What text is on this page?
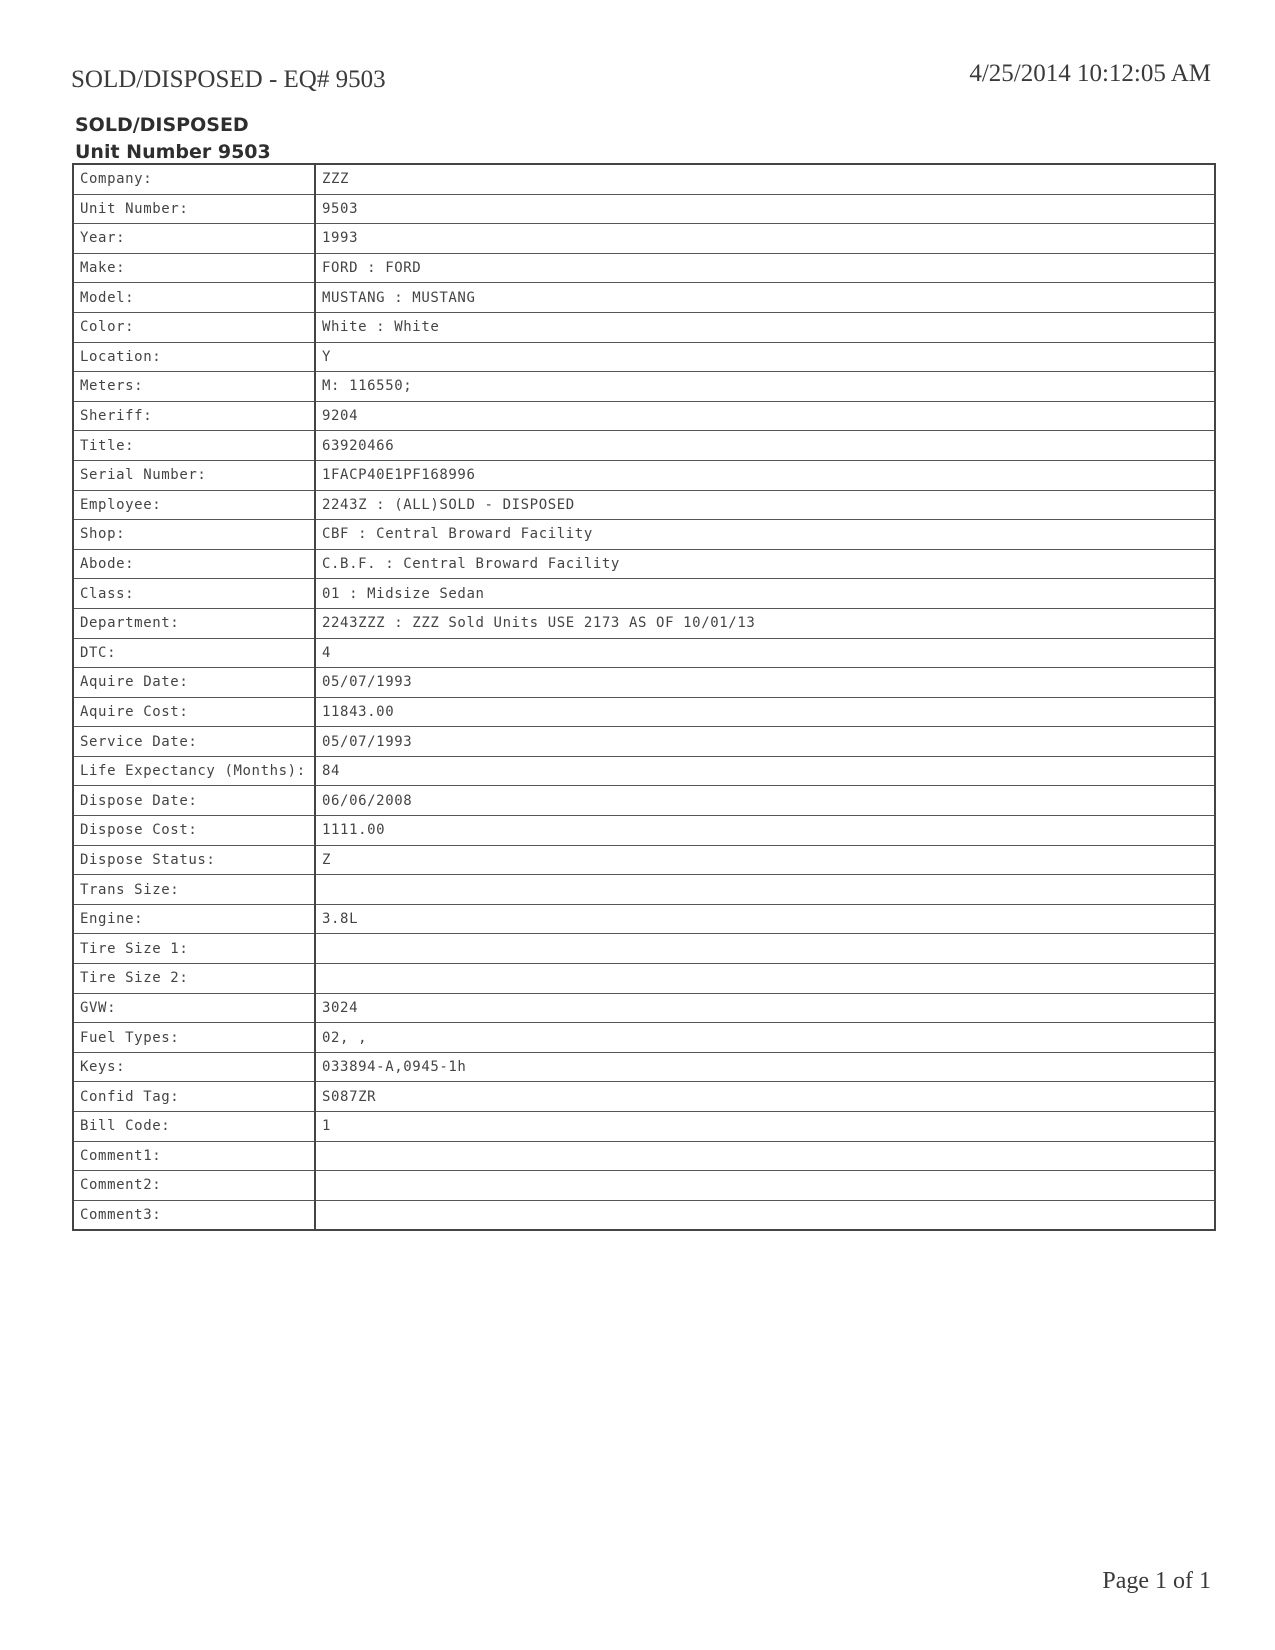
SOLD/DISPOSED - EQ# 9503	4/25/2014 10:12:05 AM
SOLD/DISPOSED
Unit Number 9503
Company:	ZZZ
Unit Number:	9503
Year:	1993
Make:	FORD : FORD
Model:	MUSTANG : MUSTANG
Color:	White : White
Location:	Y
Meters:	M: 116550;
Sheriff:	9204
Title:	63920466
Serial Number:	1FACP40E1PF168996
Employee:	2243Z : (ALL)SOLD - DISPOSED
Shop:	CBF : Central Broward Facility
Abode:	C.B.F. : Central Broward Facility
Class:	01 : Midsize Sedan
Department:	2243ZZZ : ZZZ Sold Units USE 2173 AS OF 10/01/13
DTC:	4
Aquire Date:	05/07/1993
Aquire Cost:	11843.00
Service Date:	05/07/1993
Life Expectancy (Months):	84
Dispose Date:	06/06/2008
Dispose Cost:	1111.00
Dispose Status:	Z
Trans Size:	
Engine:	3.8L
Tire Size 1:	
Tire Size 2:	
GVW:	3024
Fuel Types:	02, ,
Keys:	033894-A,0945-1h
Confid Tag:	S087ZR
Bill Code:	1
Comment1:	
Comment2:	
Comment3:	
Page 1 of 1
